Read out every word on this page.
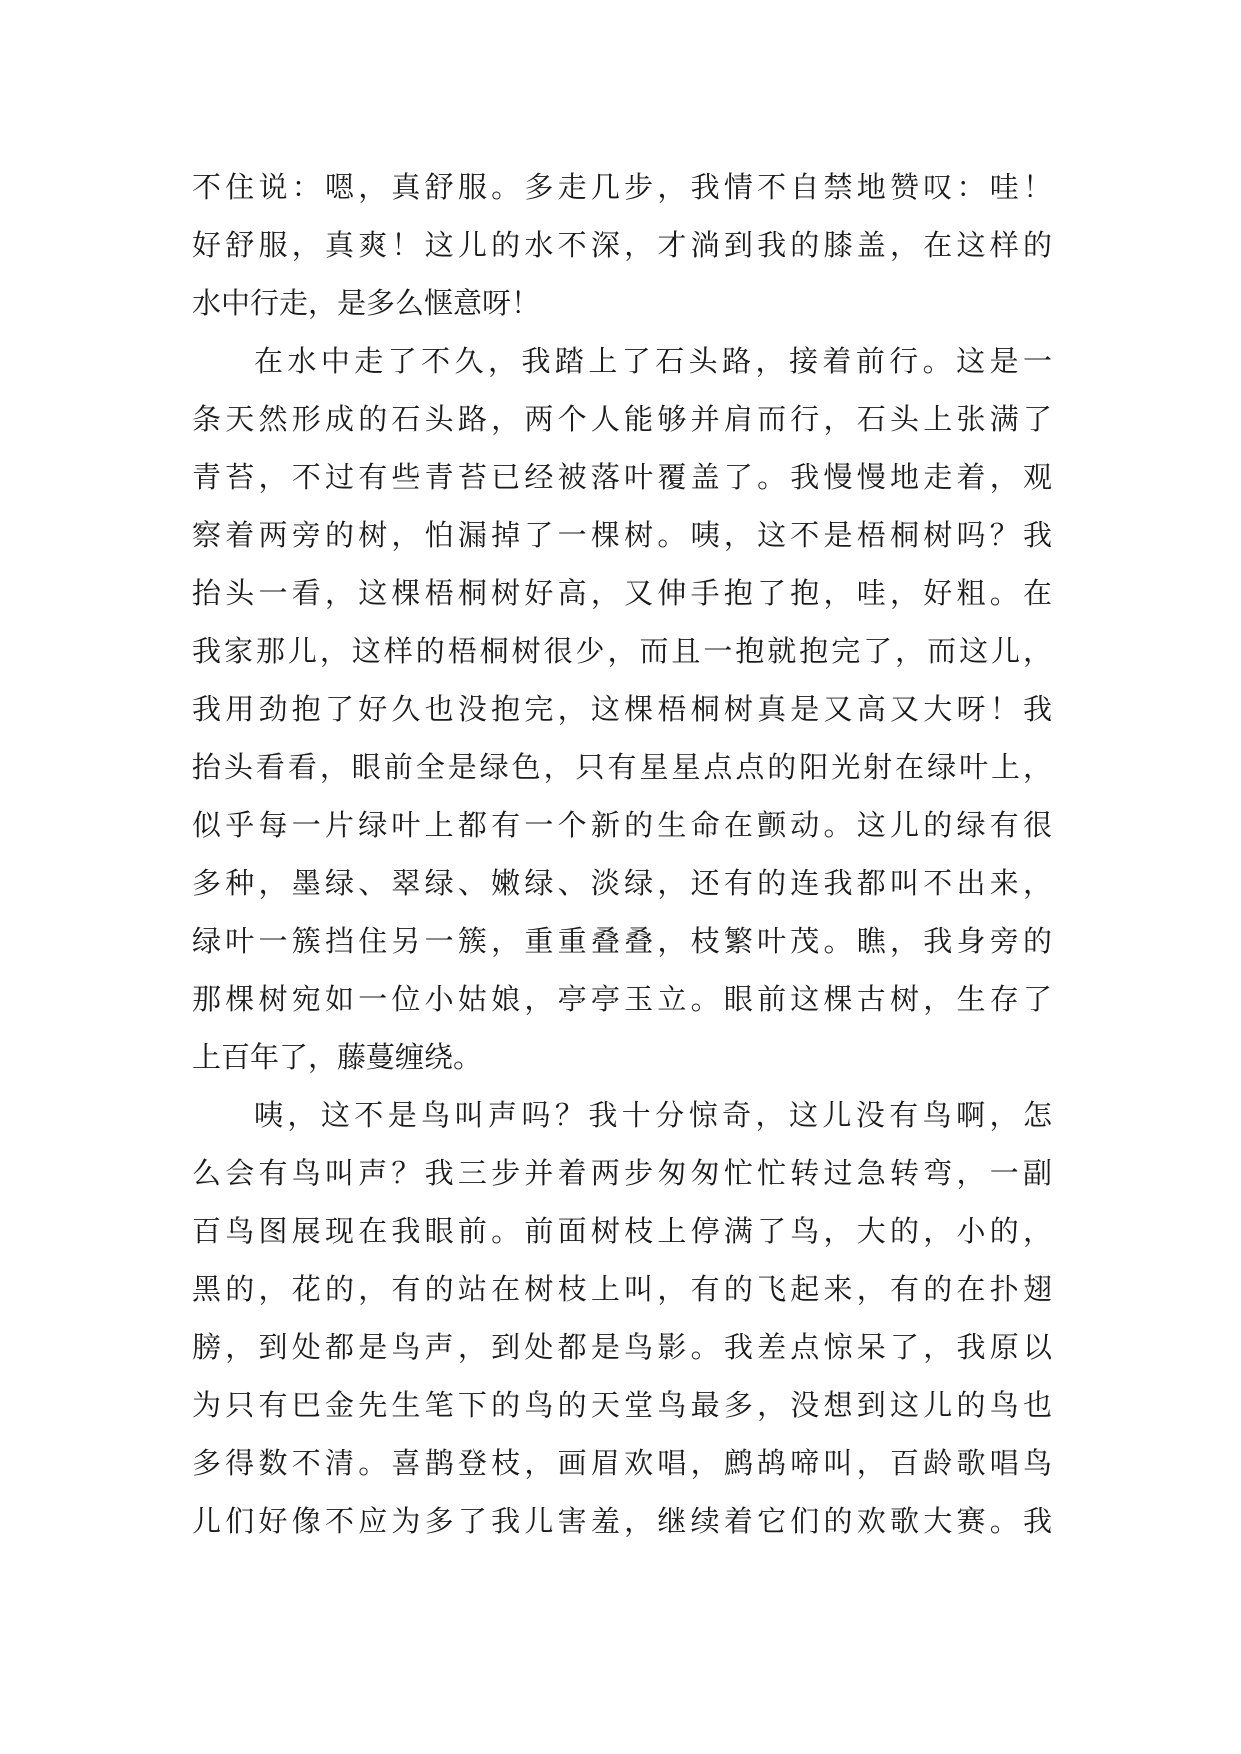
不住说：嗯，真舒服。多走几步，我情不自禁地赞叹：哇！
好舒服，真爽！这儿的水不深，才淌到我的膝盖，在这样的
水中行走，是多么惬意呀！
在水中走了不久，我踏上了石头路，接着前行。这是一
条天然形成的石头路，两个人能够并肩而行，石头上张满了
青苔，不过有些青苔已经被落叶覆盖了。我慢慢地走着，观
察着两旁的树，怕漏掉了一棵树。咦，这不是梧桐树吗？我
抬头一看，这棵梧桐树好高，又伸手抱了抱，哇，好粗。在
我家那儿，这样的梧桐树很少，而且一抱就抱完了，而这儿，
我用劲抱了好久也没抱完，这棵梧桐树真是又高又大呀！我
抬头看看，眼前全是绿色，只有星星点点的阳光射在绿叶上，
似乎每一片绿叶上都有一个新的生命在颤动。这儿的绿有很
多种，墨绿、翠绿、嫩绿、淡绿，还有的连我都叫不出来，
绿叶一簇挡住另一簇，重重叠叠，枝繁叶茂。瞧，我身旁的
那棵树宛如一位小姑娘，亭亭玉立。眼前这棵古树，生存了
上百年了，藤蔓缠绕。
咦，这不是鸟叫声吗？我十分惊奇，这儿没有鸟啊，怎
么会有鸟叫声？我三步并着两步匆匆忙忙转过急转弯，一副
百鸟图展现在我眼前。前面树枝上停满了鸟，大的，小的，
黑的，花的，有的站在树枝上叫，有的飞起来，有的在扑翅
膀，到处都是鸟声，到处都是鸟影。我差点惊呆了，我原以
为只有巴金先生笔下的鸟的天堂鸟最多，没想到这儿的鸟也
多得数不清。喜鹊登枝，画眉欢唱，鹧鸪啼叫，百龄歌唱鸟
儿们好像不应为多了我儿害羞，继续着它们的欢歌大赛。我
